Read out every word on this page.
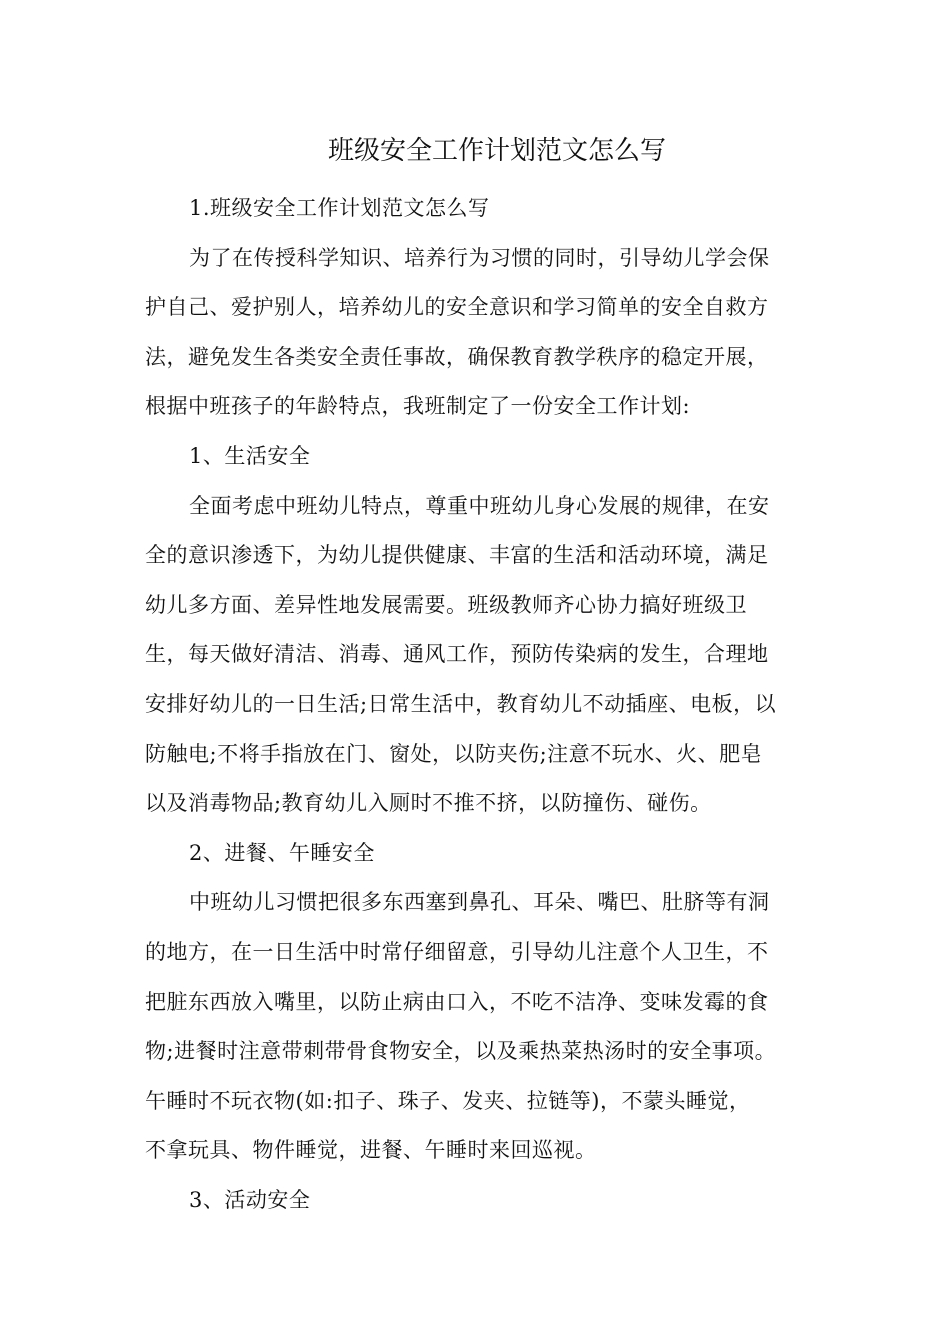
班级安全工作计划范文怎么写

1.班级安全工作计划范文怎么写

为了在传授科学知识、培养行为习惯的同时，引导幼儿学会保
护自己、爱护别人，培养幼儿的安全意识和学习简单的安全自救方
法，避免发生各类安全责任事故，确保教育教学秩序的稳定开展，
根据中班孩子的年龄特点，我班制定了一份安全工作计划:

1、生活安全

全面考虑中班幼儿特点，尊重中班幼儿身心发展的规律，在安
全的意识渗透下，为幼儿提供健康、丰富的生活和活动环境，满足
幼儿多方面、差异性地发展需要。班级教师齐心协力搞好班级卫
生，每天做好清洁、消毒、通风工作，预防传染病的发生，合理地
安排好幼儿的一日生活;日常生活中，教育幼儿不动插座、电板，以
防触电;不将手指放在门、窗处，以防夹伤;注意不玩水、火、肥皂
以及消毒物品;教育幼儿入厕时不推不挤，以防撞伤、碰伤。

2、进餐、午睡安全

中班幼儿习惯把很多东西塞到鼻孔、耳朵、嘴巴、肚脐等有洞
的地方，在一日生活中时常仔细留意，引导幼儿注意个人卫生，不
把脏东西放入嘴里，以防止病由口入，不吃不洁净、变味发霉的食
物;进餐时注意带刺带骨食物安全，以及乘热菜热汤时的安全事项。
午睡时不玩衣物(如:扣子、珠子、发夹、拉链等)，不蒙头睡觉，
不拿玩具、物件睡觉，进餐、午睡时来回巡视。

3、活动安全
